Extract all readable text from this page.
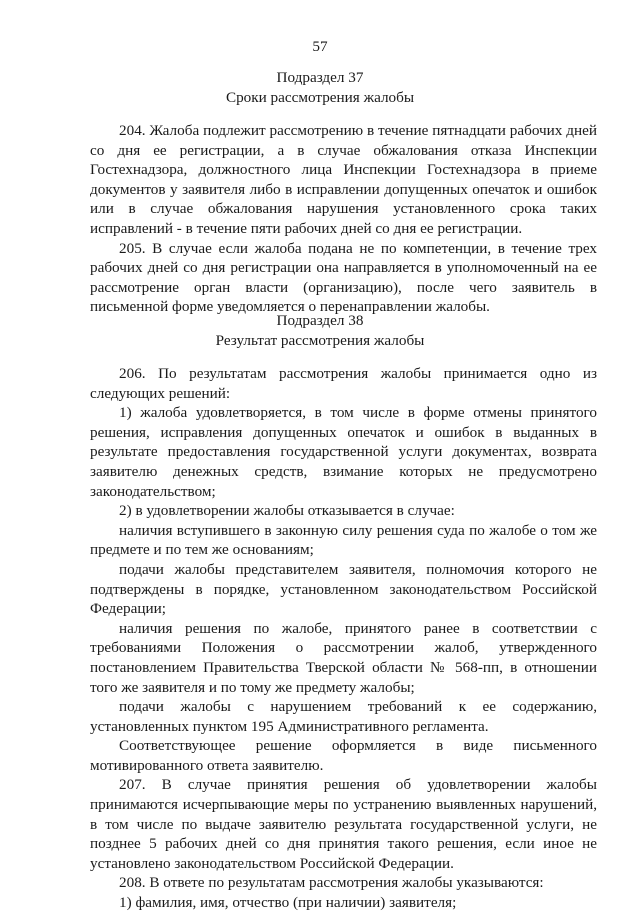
57
Подраздел 37
Сроки рассмотрения жалобы

204. Жалоба подлежит рассмотрению в течение пятнадцати рабочих дней со дня ее регистрации, а в случае обжалования отказа Инспекции Гостехнадзора, должностного лица Инспекции Гостехнадзора в приеме документов у заявителя либо в исправлении допущенных опечаток и ошибок или в случае обжалования нарушения установленного срока таких исправлений - в течение пяти рабочих дней со дня ее регистрации.

205. В случае если жалоба подана не по компетенции, в течение трех рабочих дней со дня регистрации она направляется в уполномоченный на ее рассмотрение орган власти (организацию), после чего заявитель в письменной форме уведомляется о перенаправлении жалобы.

Подраздел 38
Результат рассмотрения жалобы

206. По результатам рассмотрения жалобы принимается одно из следующих решений:

1) жалоба удовлетворяется, в том числе в форме отмены принятого решения, исправления допущенных опечаток и ошибок в выданных в результате предоставления государственной услуги документах, возврата заявителю денежных средств, взимание которых не предусмотрено законодательством;

2) в удовлетворении жалобы отказывается в случае:

наличия вступившего в законную силу решения суда по жалобе о том же предмете и по тем же основаниям;

подачи жалобы представителем заявителя, полномочия которого не подтверждены в порядке, установленном законодательством Российской Федерации;

наличия решения по жалобе, принятого ранее в соответствии с требованиями Положения о рассмотрении жалоб, утвержденного постановлением Правительства Тверской области № 568-пп, в отношении того же заявителя и по тому же предмету жалобы;

подачи жалобы с нарушением требований к ее содержанию, установленных пунктом 195 Административного регламента.

Соответствующее решение оформляется в виде письменного мотивированного ответа заявителю.

207. В случае принятия решения об удовлетворении жалобы принимаются исчерпывающие меры по устранению выявленных нарушений, в том числе по выдаче заявителю результата государственной услуги, не позднее 5 рабочих дней со дня принятия такого решения, если иное не установлено законодательством Российской Федерации.

208. В ответе по результатам рассмотрения жалобы указываются:

1) фамилия, имя, отчество (при наличии) заявителя;
